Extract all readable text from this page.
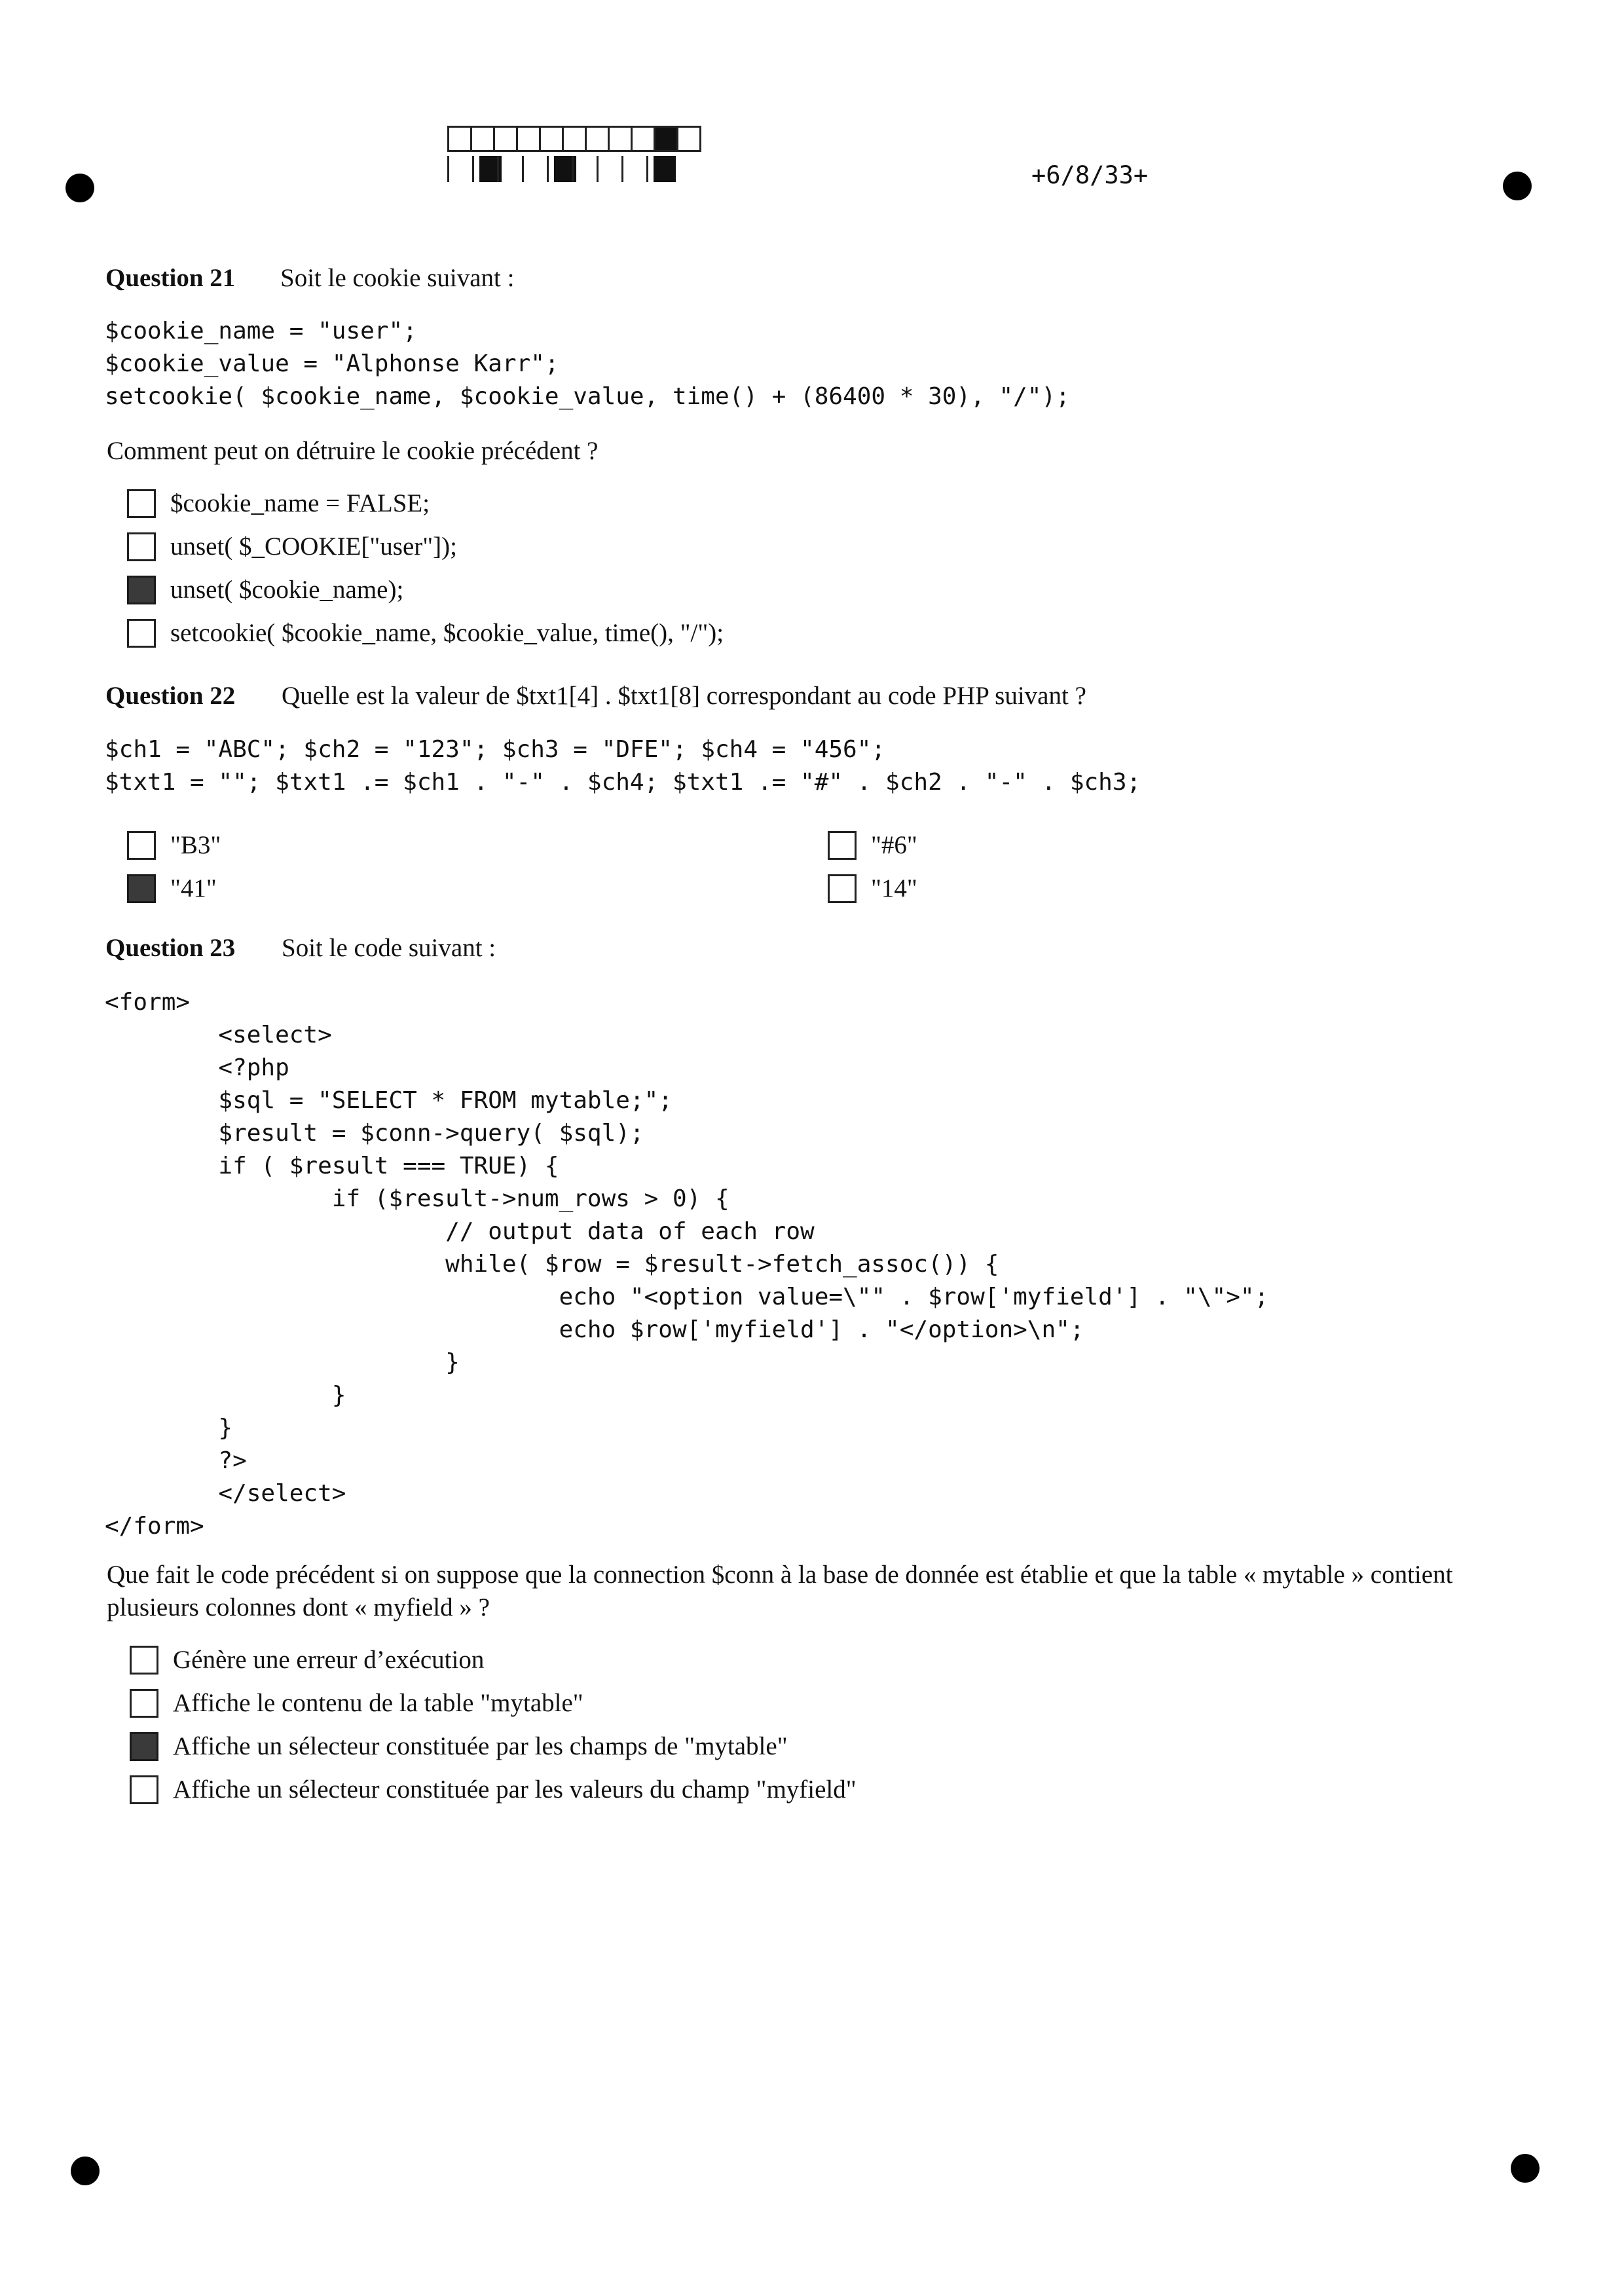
+6/8/33+
Question 21 Soit le cookie suivant :
$cookie_name = "user";
$cookie_value = "Alphonse Karr";
setcookie( $cookie_name, $cookie_value, time() + (86400 * 30), "/");
Comment peut on détruire le cookie précédent ?
$cookie_name = FALSE;
unset( $_COOKIE["user"]);
unset( $cookie_name);
setcookie( $cookie_name, $cookie_value, time(), "/");
Question 22 Quelle est la valeur de $txt1[4] . $txt1[8] correspondant au code PHP suivant ?
$ch1 = "ABC"; $ch2 = "123"; $ch3 = "DFE"; $ch4 = "456";
$txt1 = ""; $txt1 .= $ch1 . "-" . $ch4; $txt1 .= "#" . $ch2 . "-" . $ch3;
"B3"	"#6"
"41"	"14"
Question 23 Soit le code suivant :
<form>
<select>
<?php
$sql = "SELECT * FROM mytable;";
$result = $conn->query( $sql);
if ( $result === TRUE) {
if ($result->num_rows > 0) {
// output data of each row
while( $row = $result->fetch_assoc()) {
echo "<option value=\"" . $row['myfield'] . "\">";
echo $row['myfield'] . "</option>\n";
}
}
}
?>
</select>
</form>
Que fait le code précédent si on suppose que la connection $conn à la base de donnée est établie et que la table « mytable » contient plusieurs colonnes dont « myfield » ?
Génère une erreur d’exécution
Affiche le contenu de la table "mytable"
Affiche un sélecteur constituée par les champs de "mytable"
Affiche un sélecteur constituée par les valeurs du champ "myfield"
